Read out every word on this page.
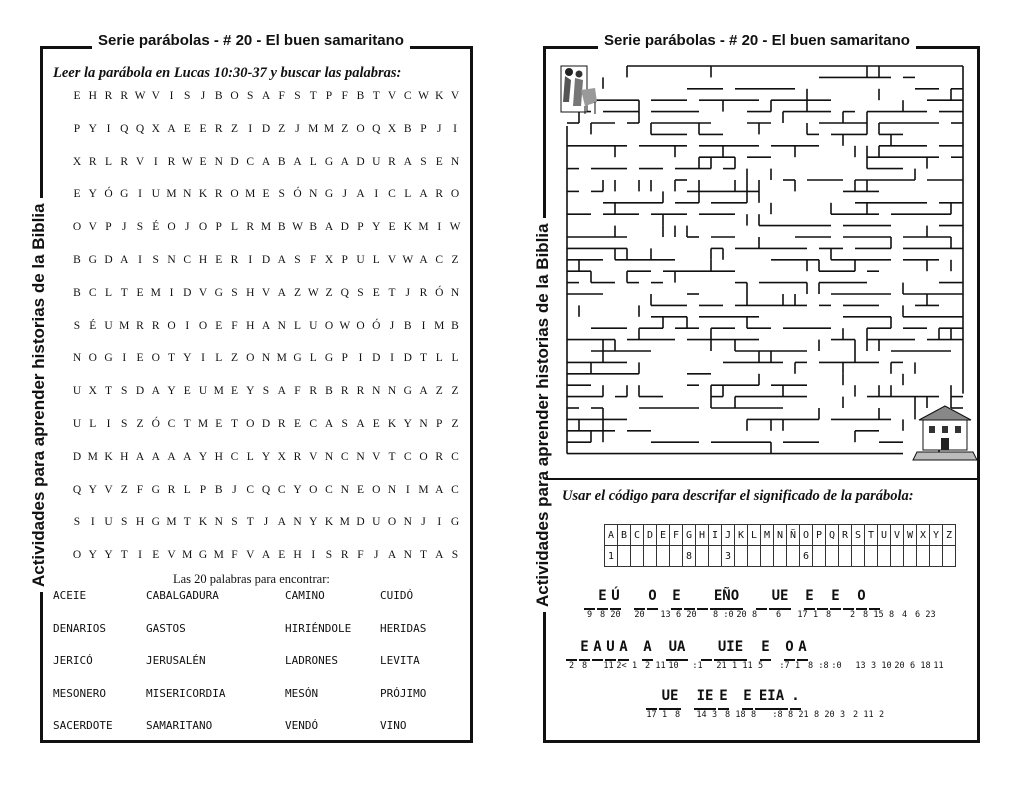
Serie parábolas - # 20 - El buen samaritano
Actividades para aprender historias de la Biblia
Leer la parábola en Lucas 10:30-37 y buscar las palabras:
E H R R W V I S J B O S A F S T P F B T V C W K V
P Y I Q Q X A E E R Z I D Z J M M Z O Q X B P J	I
X R L R V I R W E N D C A B A L G A D U R A S E N
E Y Ó G I U M N K R O M E S Ó N G J A I C L A R O
O V P J S É O J O P L R M B W B A D P Y E K M I W
B G D A I S N C H E R I D A S F X P U L V W A C Z
B C L T E M I D V G S H V A Z W Z Q S E T J R Ó N
S É U M R R O I O E F H A N L U O W O Ó J B I M B
N O G I E O T Y I L Z O N M G L G P I D I D T L L
U X T S D A Y E U M E Y S A F R B R R N N G A Z Z
U L I S Z Ó C T M E T O D R E C A S A E K Y N P Z
D M K H A A A A Y H C L Y X R V N C N V T C O R C
Q Y V Z F G R L P B J C Q C Y O C N E O N I M A C
S I U S H G M T K N S T J A N Y K M D U O N J	I G
O Y Y T I E V M G M F V A E H I S R F J A N T A S
Las 20 palabras para encontrar:
ACEIE	CABALGADURA	CAMINO	CUIDÓ
DENARIOS	GASTOS	HIRIÉNDOLE	HERIDAS
JERICÓ	JERUSALÉN	LADRONES	LEVITA
MESONERO	MISERICORDIA	MESÓN	PRÓJIMO
SACERDOTE	SAMARITANO	VENDÓ	VINO
Serie parábolas - # 20 - El buen samaritano
Actividades para aprender historias de la Biblia Usar el código para descrifar el significado de la parábola:
A	B	C	D	E	F	G	H	I	J	K	L	M	N	Ñ	O	P	Q	R	S	T	U	V	W	X	Y	Z
1						8			3						6											
E Ú O E EÑO UE E E O
9 8 20 20 13 6 20	8 :0 20 8	6	17 1 8	2 8 15 8 4 6 23
E A U A A UA UIE E O A
2 8	11 2< 1 2 11 10 :1 21 1 11 5	:7 1 8 :8 :0 13 3 10 20 6 18 11
UE IE E E EIA .
17 1 8	14 3 8 18 8	:8 8 21 8 20 3 2 11 2
